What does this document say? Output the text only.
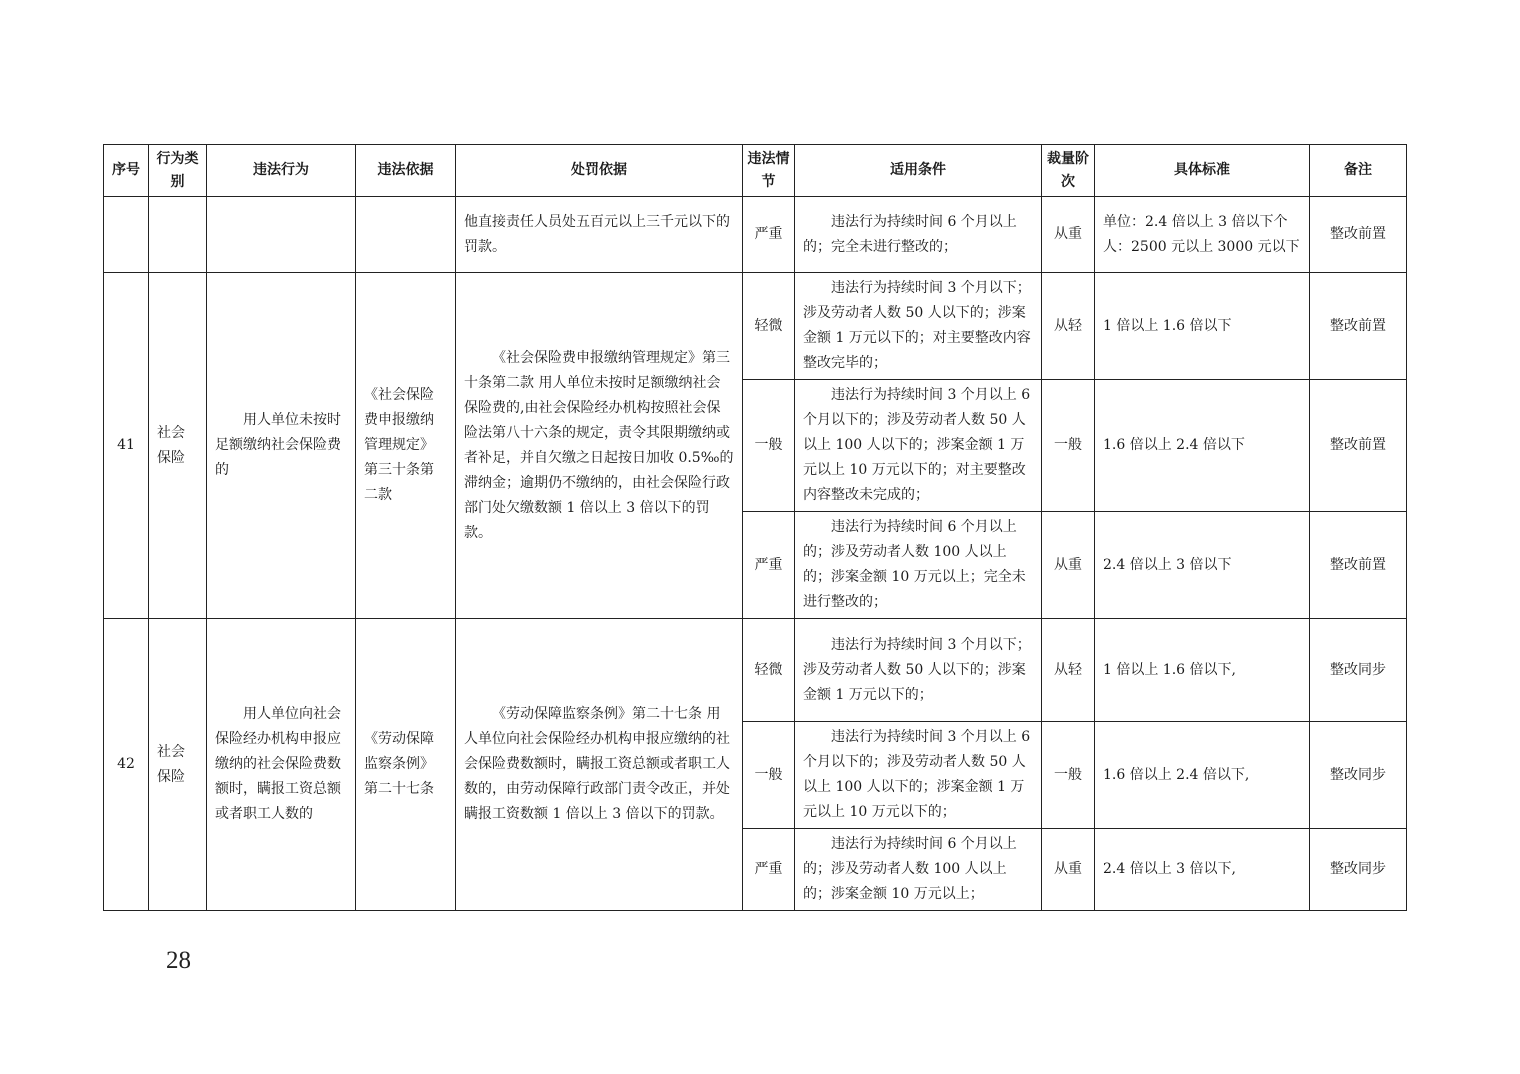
序号	行为类别	违法行为	违法依据	处罚依据	违法情节	适用条件	裁量阶次	具体标准	备注
				他直接责任人员处五百元以上三千元以下的罚款。	严重	违法行为持续时间 6 个月以上的；完全未进行整改的；	从重	单位：2.4 倍以上 3 倍以下个人：2500 元以上 3000 元以下	整改前置
41	社会保险	用人单位未按时足额缴纳社会保险费的	《社会保险费申报缴纳管理规定》第三十条第二款	《社会保险费申报缴纳管理规定》第三十条第二款 用人单位未按时足额缴纳社会保险费的,由社会保险经办机构按照社会保险法第八十六条的规定，责令其限期缴纳或者补足，并自欠缴之日起按日加收 0.5‰的滞纳金；逾期仍不缴纳的，由社会保险行政部门处欠缴数额 1 倍以上 3 倍以下的罚款。	轻微	违法行为持续时间 3 个月以下；涉及劳动者人数 50 人以下的；涉案金额 1 万元以下的；对主要整改内容整改完毕的；	从轻	1 倍以上 1.6 倍以下	整改前置
					一般	违法行为持续时间 3 个月以上 6 个月以下的；涉及劳动者人数 50 人以上 100 人以下的；涉案金额 1 万元以上 10 万元以下的；对主要整改内容整改未完成的；	一般	1.6 倍以上 2.4 倍以下	整改前置
					严重	违法行为持续时间 6 个月以上的；涉及劳动者人数 100 人以上的；涉案金额 10 万元以上；完全未进行整改的；	从重	2.4 倍以上 3 倍以下	整改前置
42	社会保险	用人单位向社会保险经办机构申报应缴纳的社会保险费数额时，瞒报工资总额或者职工人数的	《劳动保障监察条例》第二十七条	《劳动保障监察条例》第二十七条 用人单位向社会保险经办机构申报应缴纳的社会保险费数额时，瞒报工资总额或者职工人数的，由劳动保障行政部门责令改正，并处瞒报工资数额 1 倍以上 3 倍以下的罚款。	轻微	违法行为持续时间 3 个月以下；涉及劳动者人数 50 人以下的；涉案金额 1 万元以下的；	从轻	1 倍以上 1.6 倍以下,	整改同步
					一般	违法行为持续时间 3 个月以上 6 个月以下的；涉及劳动者人数 50 人以上 100 人以下的；涉案金额 1 万元以上 10 万元以下的；	一般	1.6 倍以上 2.4 倍以下,	整改同步
					严重	违法行为持续时间 6 个月以上的；涉及劳动者人数 100 人以上的；涉案金额 10 万元以上；	从重	2.4 倍以上 3 倍以下,	整改同步
28
